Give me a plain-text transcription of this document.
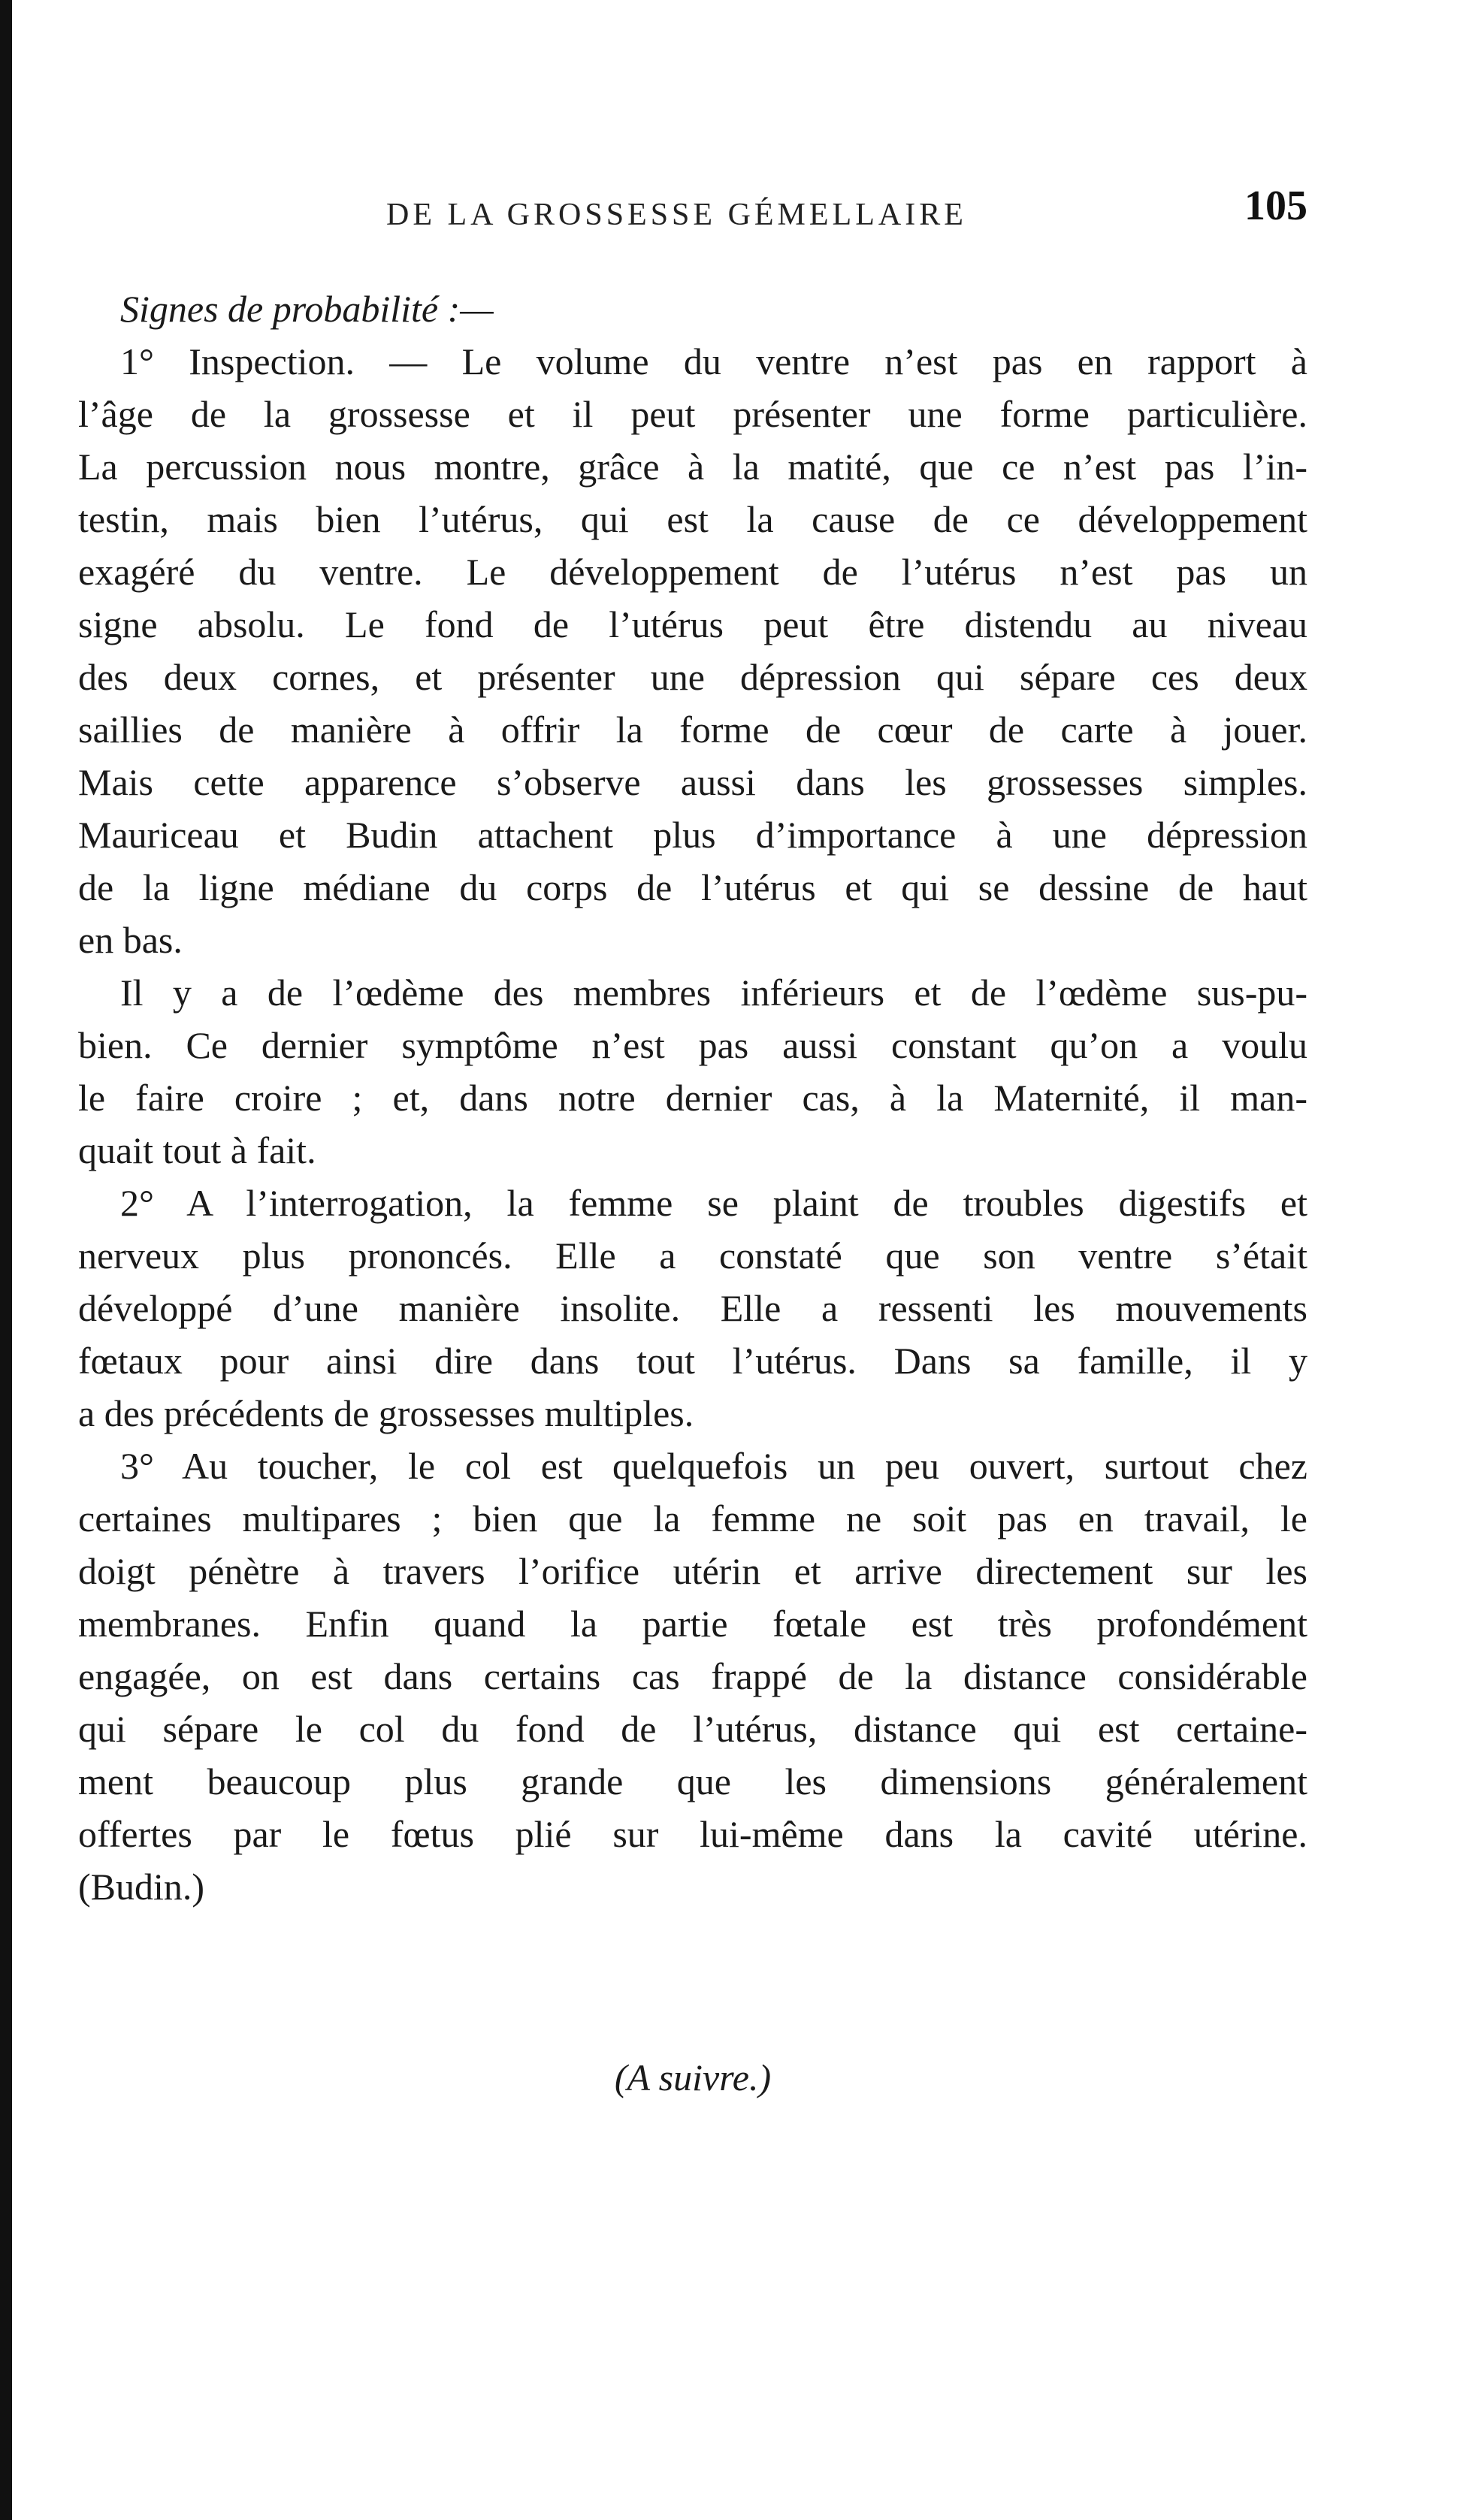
DE LA GROSSESSE GÉMELLAIRE	105
Signes de probabilité :—
1° Inspection. — Le volume du ventre n’est pas en rapport à
l’âge de la grossesse et il peut présenter une forme particulière.
La percussion nous montre, grâce à la matité, que ce n’est pas l’in-
testin, mais bien l’utérus, qui est la cause de ce développement
exagéré du ventre. Le développement de l’utérus n’est pas un
signe absolu. Le fond de l’utérus peut être distendu au niveau
des deux cornes, et présenter une dépression qui sépare ces deux
saillies de manière à offrir la forme de cœur de carte à jouer.
Mais cette apparence s’observe aussi dans les grossesses simples.
Mauriceau et Budin attachent plus d’importance à une dépression
de la ligne médiane du corps de l’utérus et qui se dessine de haut
en bas.
Il y a de l’œdème des membres inférieurs et de l’œdème sus-pu-
bien. Ce dernier symptôme n’est pas aussi constant qu’on a voulu
le faire croire ; et, dans notre dernier cas, à la Maternité, il man-
quait tout à fait.
2° A l’interrogation, la femme se plaint de troubles digestifs et
nerveux plus prononcés. Elle a constaté que son ventre s’était
développé d’une manière insolite. Elle a ressenti les mouvements
fœtaux pour ainsi dire dans tout l’utérus. Dans sa famille, il y
a des précédents de grossesses multiples.
3° Au toucher, le col est quelquefois un peu ouvert, surtout chez
certaines multipares ; bien que la femme ne soit pas en travail, le
doigt pénètre à travers l’orifice utérin et arrive directement sur les
membranes. Enfin quand la partie fœtale est très profondément
engagée, on est dans certains cas frappé de la distance considérable
qui sépare le col du fond de l’utérus, distance qui est certaine-
ment beaucoup plus grande que les dimensions généralement
offertes par le fœtus plié sur lui-même dans la cavité utérine.
(Budin.)
(A suivre.)
